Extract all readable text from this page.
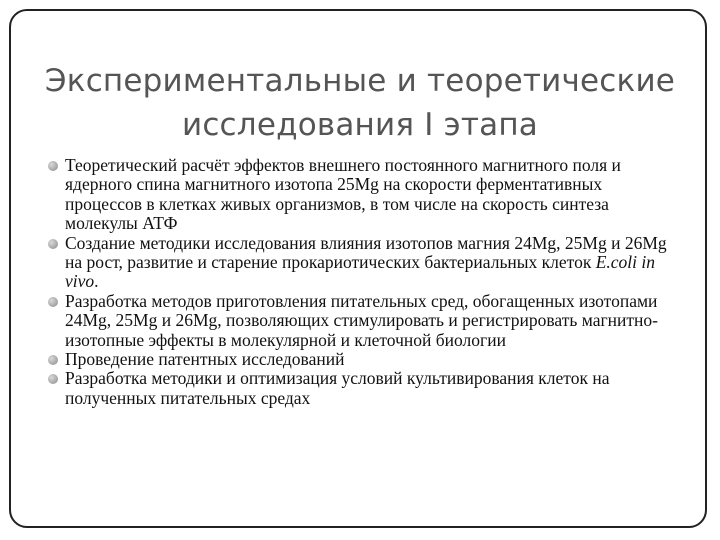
Экспериментальные и теоретические
исследования I этапа
Теоретический расчёт эффектов внешнего постоянного магнитного поля и ядерного спина магнитного изотопа 25Mg на скорости ферментативных процессов в клетках живых организмов, в том числе на скорость синтеза молекулы АТФ
Создание методики исследования влияния изотопов магния 24Mg, 25Mg и 26Mg на рост, развитие и старение прокариотических бактериальных клеток E.coli in vivo.
Разработка методов приготовления питательных сред, обогащенных изотопами 24Mg, 25Mg и 26Mg, позволяющих стимулировать и регистрировать магнитно-изотопные эффекты в молекулярной и клеточной биологии
Проведение патентных исследований
Разработка методики и оптимизация условий культивирования клеток на полученных питательных средах
